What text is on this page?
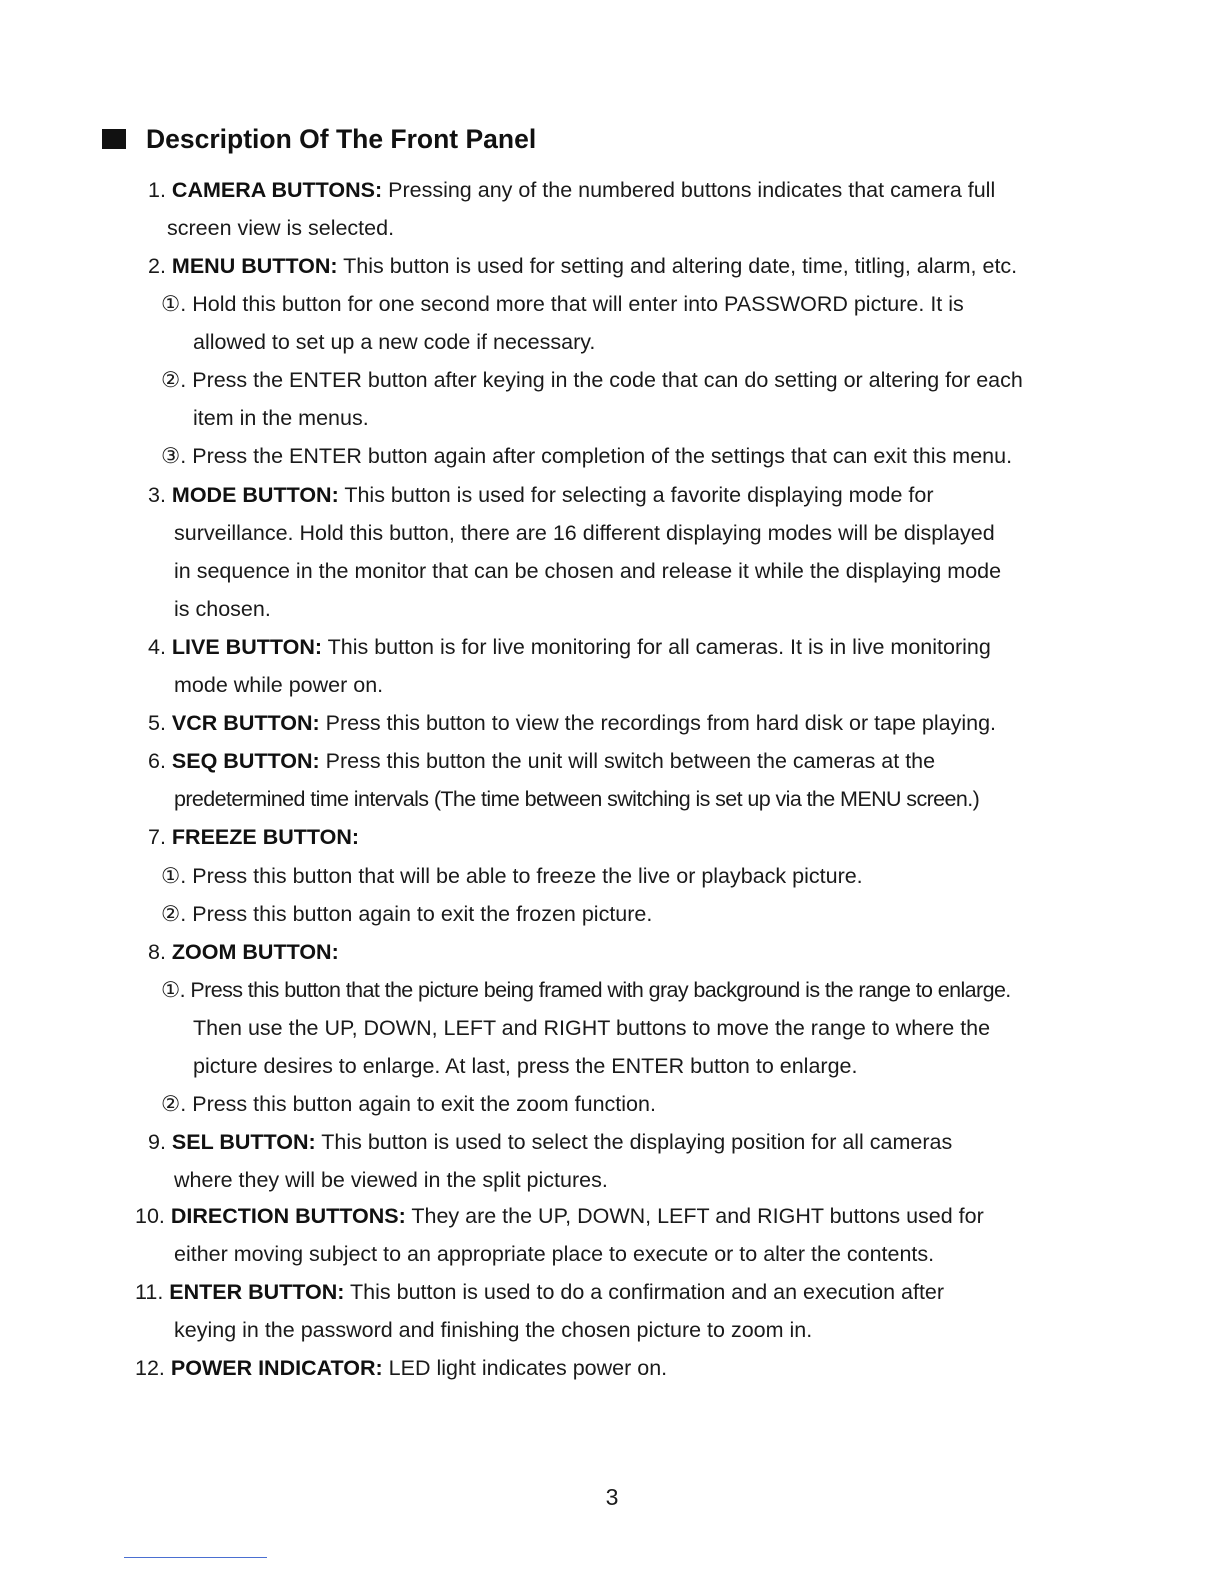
Description Of The Front Panel
1. CAMERA BUTTONS: Pressing any of the numbered buttons indicates that camera full
screen view is selected.
2. MENU BUTTON: This button is used for setting and altering date, time, titling, alarm, etc.
①. Hold this button for one second more that will enter into PASSWORD picture. It is
allowed to set up a new code if necessary.
②. Press the ENTER button after keying in the code that can do setting or altering for each
item in the menus.
③. Press the ENTER button again after completion of the settings that can exit this menu.
3. MODE BUTTON: This button is used for selecting a favorite displaying mode for
surveillance. Hold this button, there are 16 different displaying modes will be displayed
in sequence in the monitor that can be chosen and release it while the displaying mode
is chosen.
4. LIVE BUTTON: This button is for live monitoring for all cameras. It is in live monitoring
mode while power on.
5. VCR BUTTON: Press this button to view the recordings from hard disk or tape playing.
6. SEQ BUTTON: Press this button the unit will switch between the cameras at the
predetermined time intervals (The time between switching is set up via the MENU screen.)
7. FREEZE BUTTON:
①. Press this button that will be able to freeze the live or playback picture.
②. Press this button again to exit the frozen picture.
8. ZOOM BUTTON:
①. Press this button that the picture being framed with gray background is the range to enlarge.
Then use the UP, DOWN, LEFT and RIGHT buttons to move the range to where the
picture desires to enlarge. At last, press the ENTER button to enlarge.
②. Press this button again to exit the zoom function.
9. SEL BUTTON: This button is used to select the displaying position for all cameras
where they will be viewed in the split pictures.
10. DIRECTION BUTTONS: They are the UP, DOWN, LEFT and RIGHT buttons used for
either moving subject to an appropriate place to execute or to alter the contents.
11. ENTER BUTTON: This button is used to do a confirmation and an execution after
keying in the password and finishing the chosen picture to zoom in.
12. POWER INDICATOR: LED light indicates power on.
3
